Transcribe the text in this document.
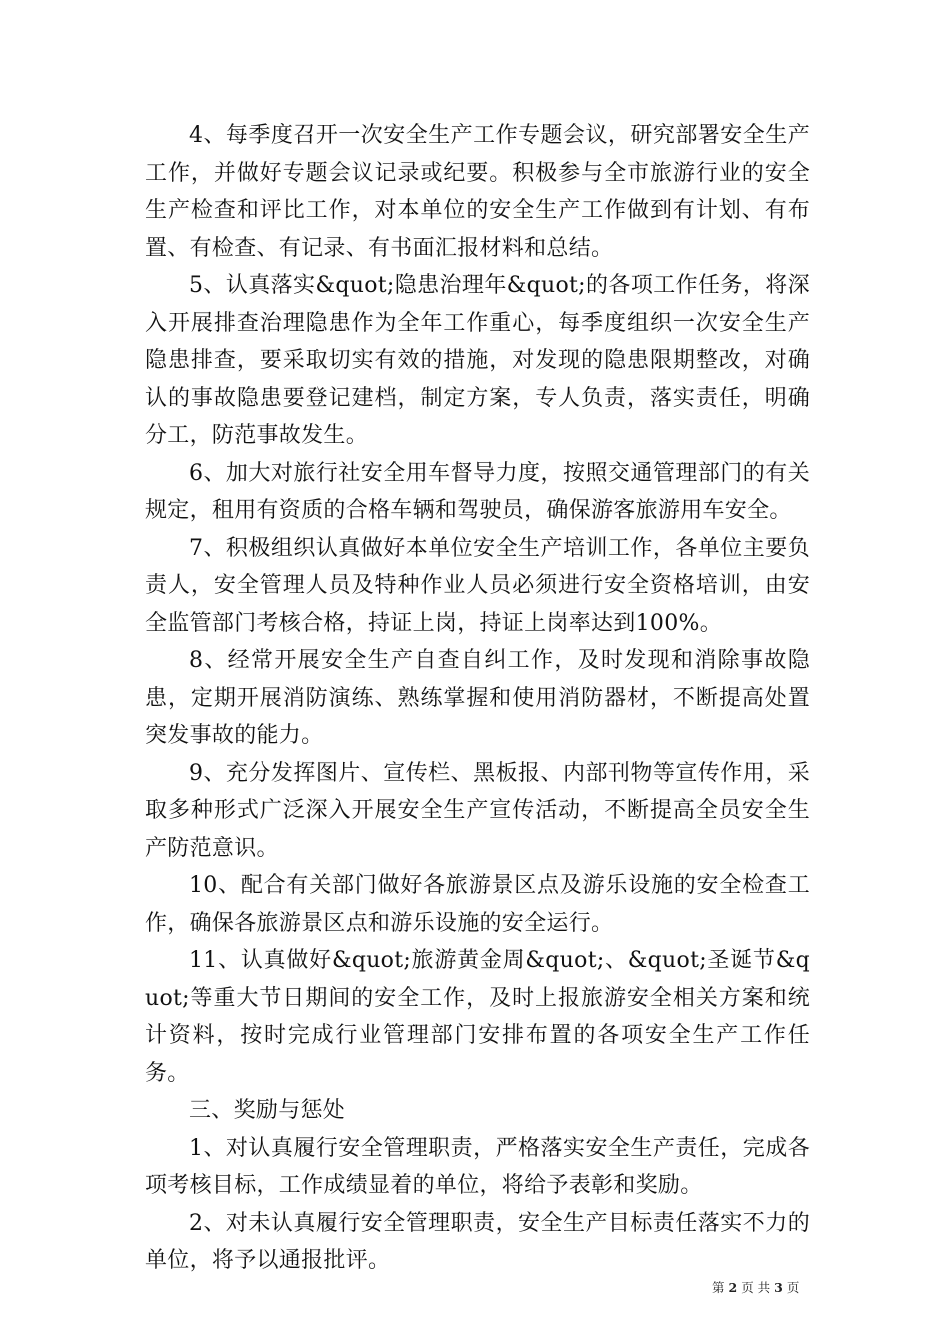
4、每季度召开一次安全生产工作专题会议，研究部署安全生产工作，并做好专题会议记录或纪要。积极参与全市旅游行业的安全生产检查和评比工作，对本单位的安全生产工作做到有计划、有布置、有检查、有记录、有书面汇报材料和总结。

5、认真落实&quot;隐患治理年&quot;的各项工作任务，将深入开展排查治理隐患作为全年工作重心，每季度组织一次安全生产隐患排查，要采取切实有效的措施，对发现的隐患限期整改，对确认的事故隐患要登记建档，制定方案，专人负责，落实责任，明确分工，防范事故发生。

6、加大对旅行社安全用车督导力度，按照交通管理部门的有关规定，租用有资质的合格车辆和驾驶员，确保游客旅游用车安全。

7、积极组织认真做好本单位安全生产培训工作，各单位主要负责人，安全管理人员及特种作业人员必须进行安全资格培训，由安全监管部门考核合格，持证上岗，持证上岗率达到100%。

8、经常开展安全生产自查自纠工作，及时发现和消除事故隐患，定期开展消防演练、熟练掌握和使用消防器材，不断提高处置突发事故的能力。

9、充分发挥图片、宣传栏、黑板报、内部刊物等宣传作用，采取多种形式广泛深入开展安全生产宣传活动，不断提高全员安全生产防范意识。

10、配合有关部门做好各旅游景区点及游乐设施的安全检查工作，确保各旅游景区点和游乐设施的安全运行。

11、认真做好&quot;旅游黄金周&quot;、&quot;圣诞节&quot;等重大节日期间的安全工作，及时上报旅游安全相关方案和统计资料，按时完成行业管理部门安排布置的各项安全生产工作任务。

三、奖励与惩处

1、对认真履行安全管理职责，严格落实安全生产责任，完成各项考核目标，工作成绩显着的单位，将给予表彰和奖励。

2、对未认真履行安全管理职责，安全生产目标责任落实不力的单位，将予以通报批评。

第 2 页 共 3 页
